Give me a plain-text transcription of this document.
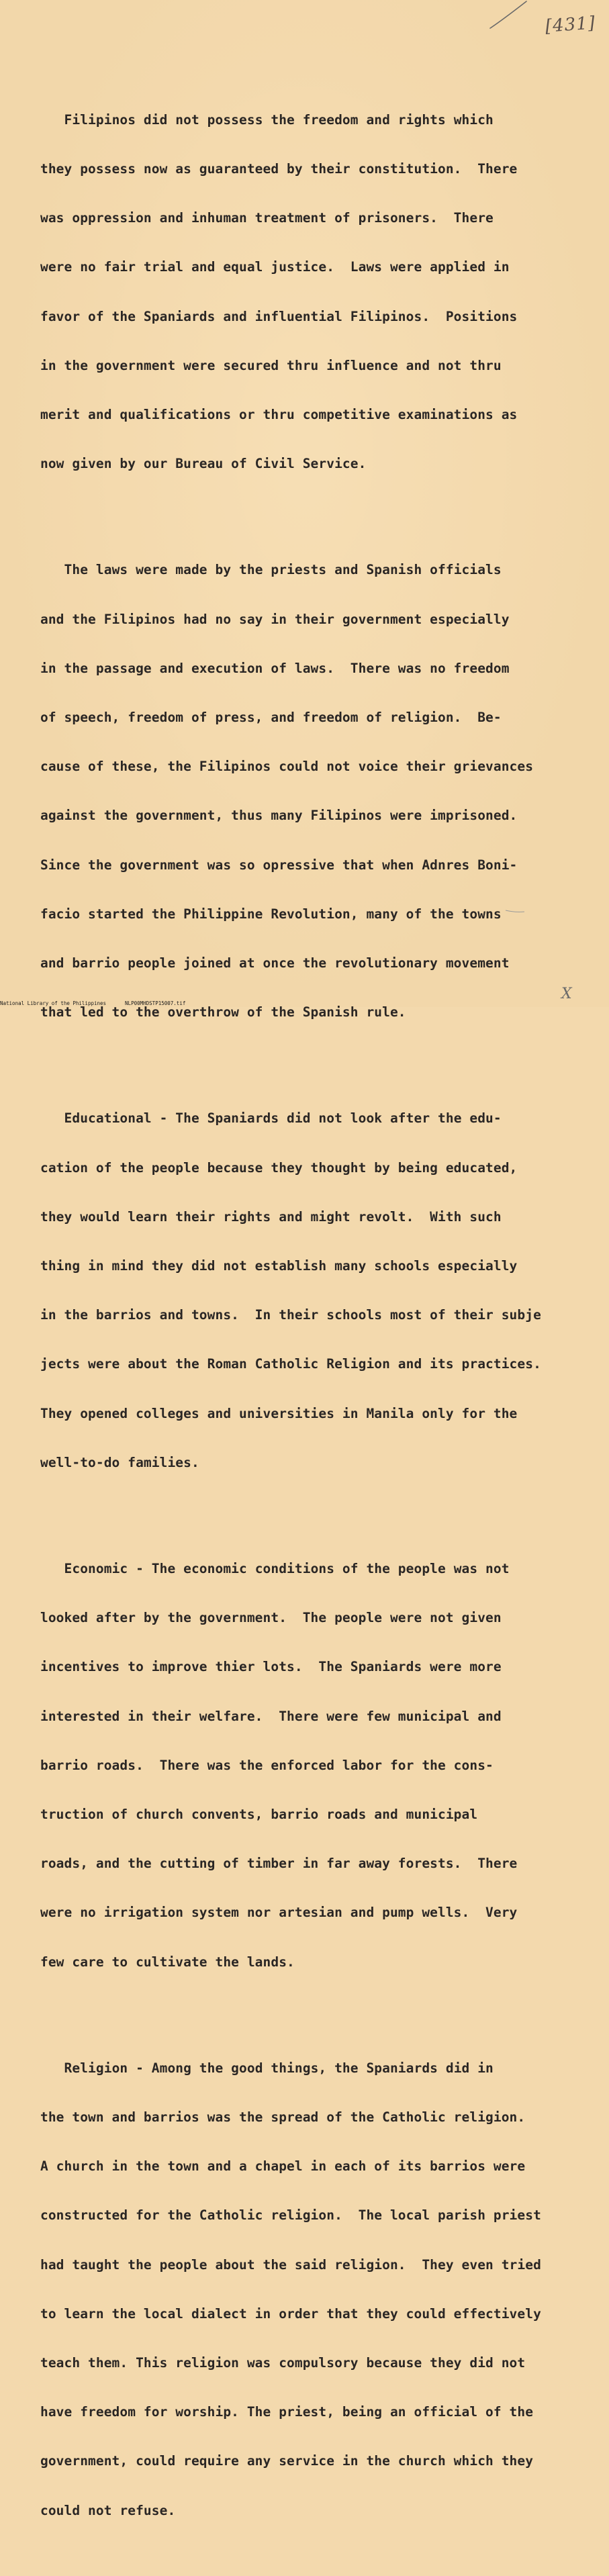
[431]

Filipinos did not possess the freedom and rights which

they possess now as guaranteed by their constitution.  There

was oppression and inhuman treatment of prisoners.  There

were no fair trial and equal justice.  Laws were applied in

favor of the Spaniards and influential Filipinos.  Positions

in the government were secured thru influence and not thru

merit and qualifications or thru competitive examinations as

now given by our Bureau of Civil Service.

The laws were made by the priests and Spanish officials

and the Filipinos had no say in their government especially

in the passage and execution of laws.  There was no freedom

of speech, freedom of press, and freedom of religion.  Be-

cause of these, the Filipinos could not voice their grievances

against the government, thus many Filipinos were imprisoned.

Since the government was so opressive that when Adnres Boni-

facio started the Philippine Revolution, many of the towns

and barrio people joined at once the revolutionary movement

that led to the overthrow of the Spanish rule.

Educational - The Spaniards did not look after the edu-

cation of the people because they thought by being educated,

they would learn their rights and might revolt.  With such

thing in mind they did not establish many schools especially

in the barrios and towns.  In their schools most of their subje

jects were about the Roman Catholic Religion and its practices.

They opened colleges and universities in Manila only for the

well-to-do families.

Economic - The economic conditions of the people was not

looked after by the government.  The people were not given

incentives to improve thier lots.  The Spaniards were more

interested in their welfare.  There were few municipal and

barrio roads.  There was the enforced labor for the cons-

truction of church convents, barrio roads and municipal

roads, and the cutting of timber in far away forests.  There

were no irrigation system nor artesian and pump wells.  Very

few care to cultivate the lands.

Religion - Among the good things, the Spaniards did in

the town and barrios was the spread of the Catholic religion.

A church in the town and a chapel in each of its barrios were

constructed for the Catholic religion.  The local parish priest

had taught the people about the said religion.  They even tried

to learn the local dialect in order that they could effectively

teach them. This religion was compulsory because they did not

have freedom for worship. The priest, being an official of the

government, could require any service in the church which they

could not refuse.

X
National Library of the Philippines	NLP00MHDSTP15007.tif
